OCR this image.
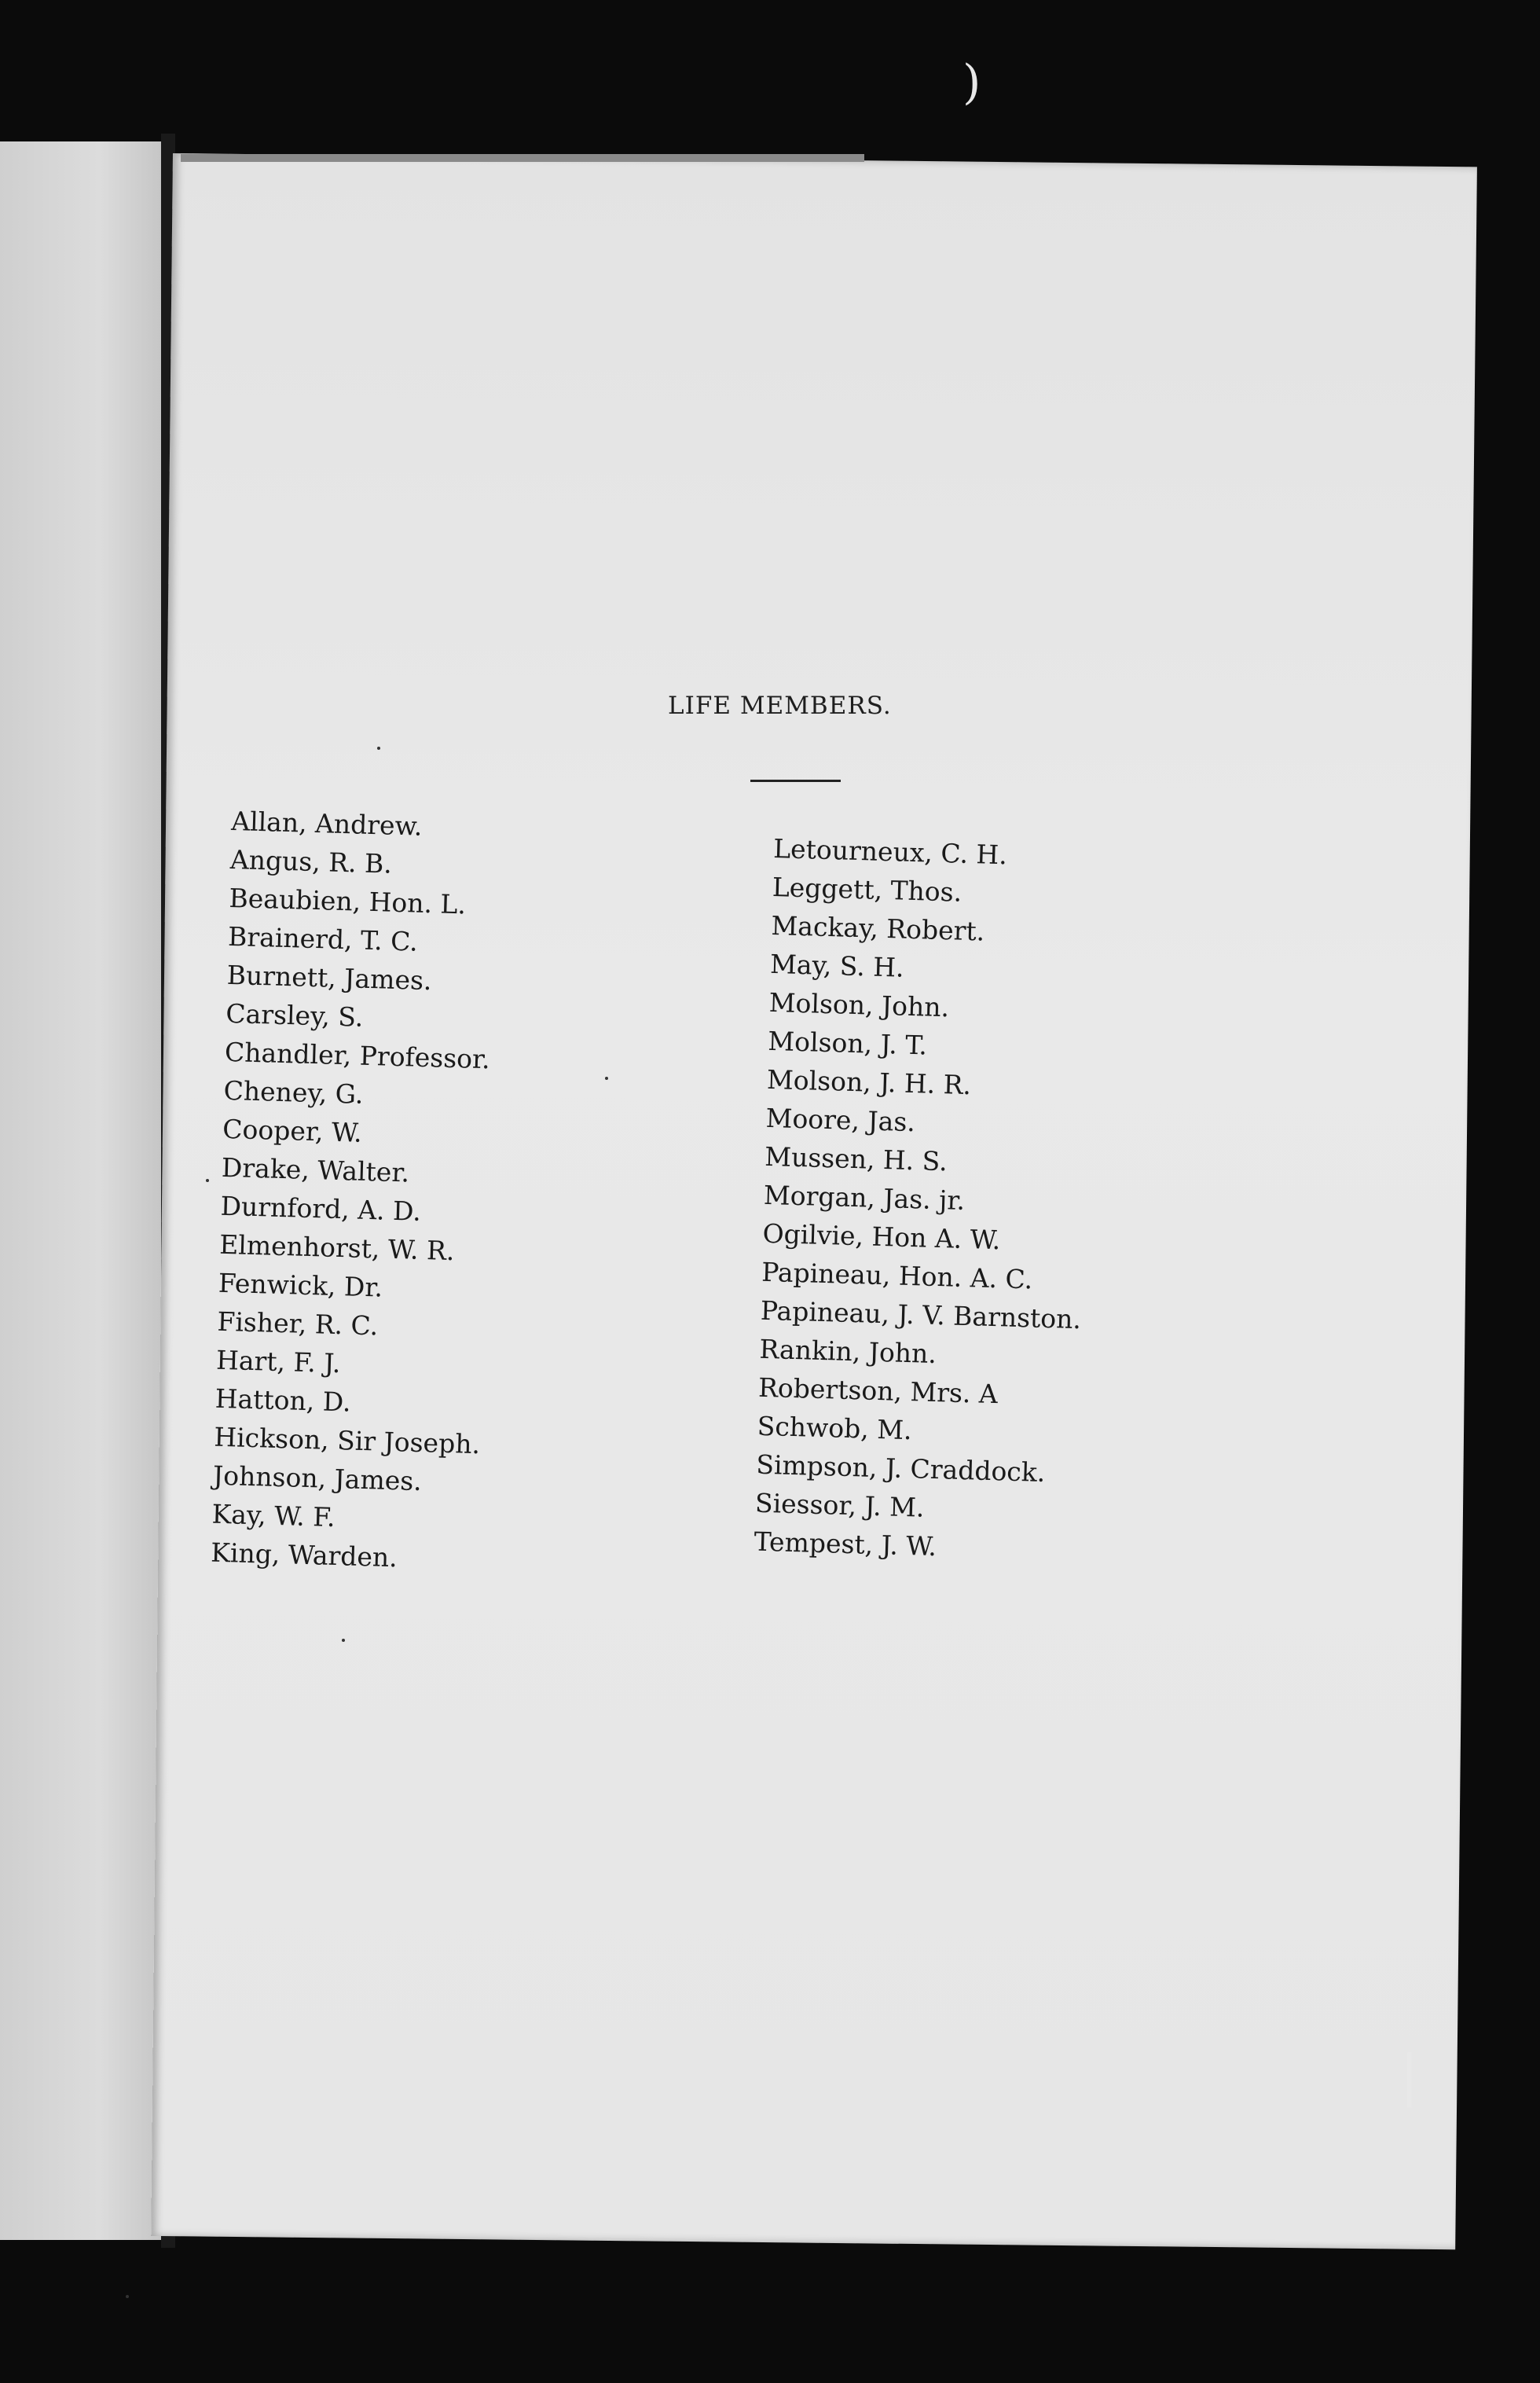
)
|
LIFE MEMBERS.
Allan, Andrew.
Angus, R. B.
Beaubien, Hon. L.
Brainerd, T. C.
Burnett, James.
Carsley, S.
Chandler, Professor.
Cheney, G.
Cooper, W.
Drake, Walter.
Durnford, A. D.
Elmenhorst, W. R.
Fenwick, Dr.
Fisher, R. C.
Hart, F. J.
Hatton, D.
Hickson, Sir Joseph.
Johnson, James.
Kay, W. F.
King, Warden.
Letourneux, C. H.
Leggett, Thos.
Mackay, Robert.
May, S. H.
Molson, John.
Molson, J. T.
Molson, J. H. R.
Moore, Jas.
Mussen, H. S.
Morgan, Jas. jr.
Ogilvie, Hon A. W.
Papineau, Hon. A. C.
Papineau, J. V. Barnston.
Rankin, John.
Robertson, Mrs. A
Schwob, M.
Simpson, J. Craddock.
Siessor, J. M.
Tempest, J. W.
